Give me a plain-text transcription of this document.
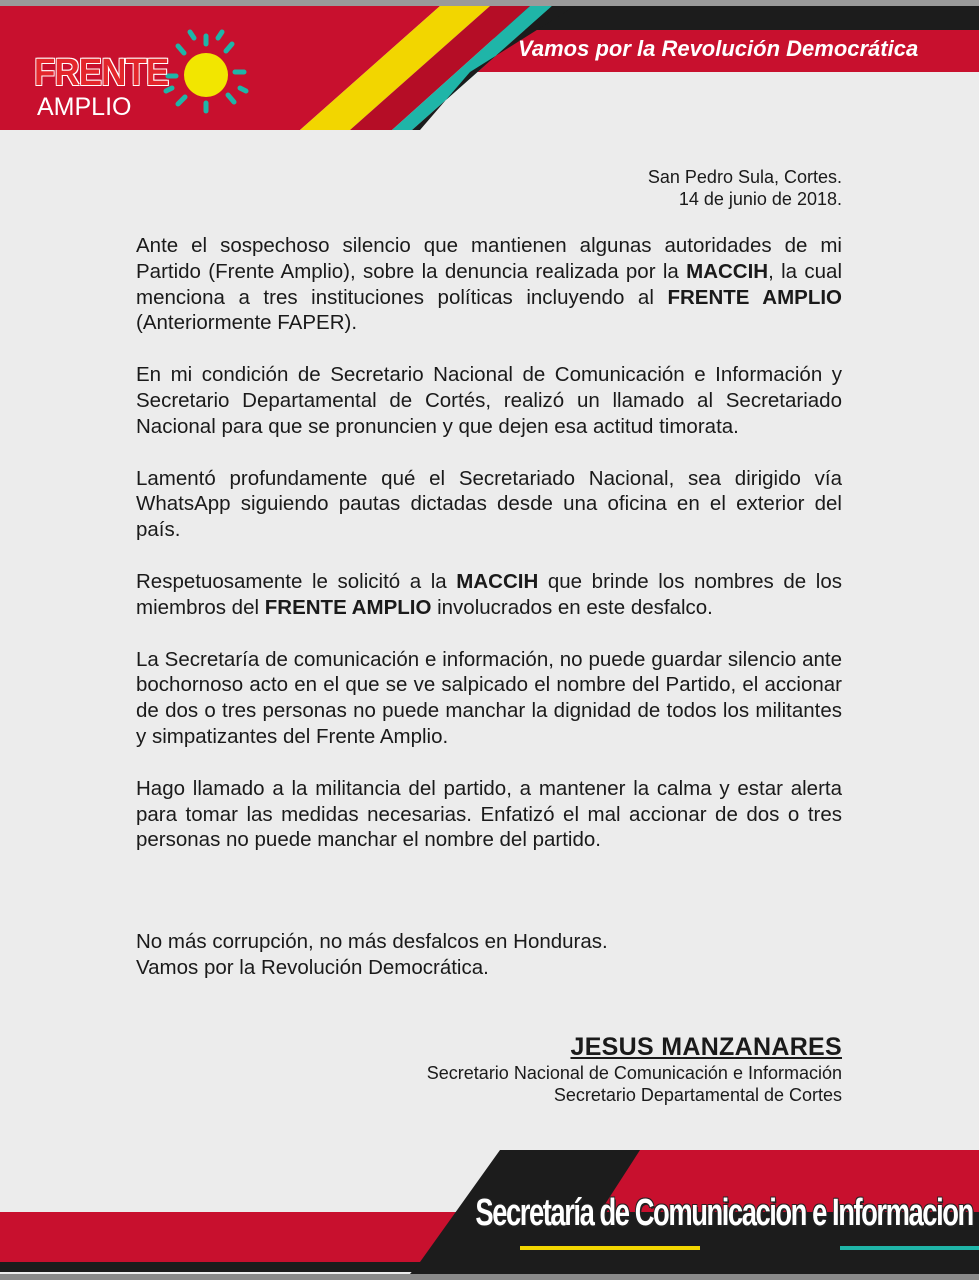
FRENTE
AMPLIO
Vamos por la Revolución Democrática
San Pedro Sula, Cortes.
14 de junio de 2018.

Ante el sospechoso silencio que mantienen algunas autoridades de mi Partido (Frente Amplio), sobre la denuncia realizada por la MACCIH, la cual menciona a tres instituciones políticas incluyendo al FRENTE AMPLIO (Anteriormente FAPER).

En mi condición de Secretario Nacional de Comunicación e Información y Secretario Departamental de Cortés, realizó un llamado al Secretariado Nacional para que se pronuncien y que dejen esa actitud timorata.

Lamentó profundamente qué el Secretariado Nacional, sea dirigido vía WhatsApp siguiendo pautas dictadas desde una oficina en el exterior del país.

Respetuosamente le solicitó a la MACCIH que brinde los nombres de los miembros del FRENTE AMPLIO involucrados en este desfalco.

La Secretaría de comunicación e información, no puede guardar silencio ante bochornoso acto en el que se ve salpicado el nombre del Partido, el accionar de dos o tres personas no puede manchar la dignidad de todos los militantes y simpatizantes del Frente Amplio.

Hago llamado a la militancia del partido, a mantener la calma y estar alerta para tomar las medidas necesarias. Enfatizó el mal accionar de dos o tres personas no puede manchar el nombre del partido.

No más corrupción, no más desfalcos en Honduras.
Vamos por la Revolución Democrática.
JESUS MANZANARES
Secretario Nacional de Comunicación e Información
Secretario Departamental de Cortes
Secretaría de Comunicacion e Informacion
